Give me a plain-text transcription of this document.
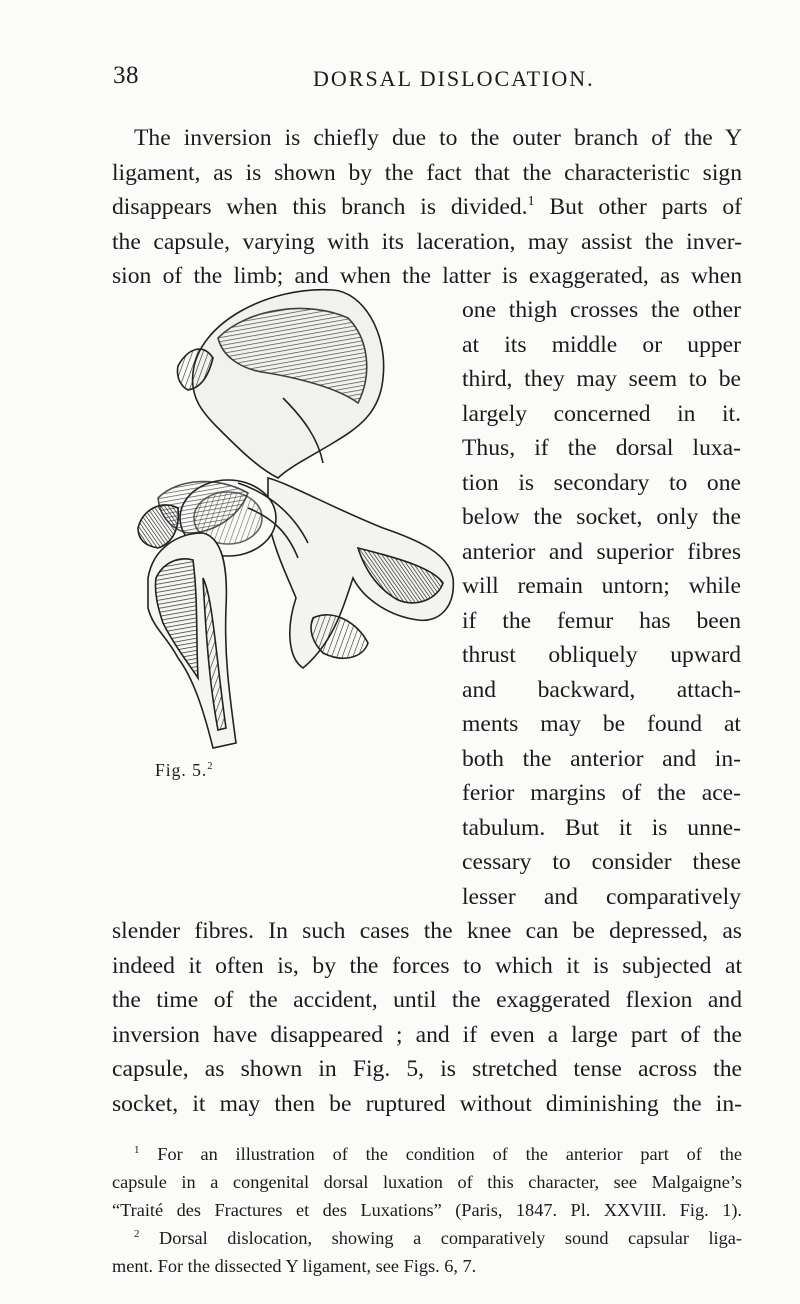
38	DORSAL DISLOCATION.
The inversion is chiefly due to the outer branch of the Y
ligament, as is shown by the fact that the characteristic sign
disappears when this branch is divided.$^1$ But other parts of
the capsule, varying with its laceration, may assist the inver-
sion of the limb; and when the latter is exaggerated, as when
one thigh crosses the other
at its middle or upper
third, they may seem to be
largely concerned in it.
Thus, if the dorsal luxa-
tion is secondary to one
below the socket, only the
anterior and superior fibres
will remain untorn; while
if the femur has been
thrust obliquely upward
and backward, attach-
ments may be found at
both the anterior and in-
ferior margins of the ace-
tabulum. But it is unne-
cessary to consider these
lesser and comparatively
Fig. 5.$^2$
slender fibres. In such cases the knee can be depressed, as
indeed it often is, by the forces to which it is subjected at
the time of the accident, until the exaggerated flexion and
inversion have disappeared ; and if even a large part of the
capsule, as shown in Fig. 5, is stretched tense across the
socket, it may then be ruptured without diminishing the in-
$^1$ For an illustration of the condition of the anterior part of the
capsule in a congenital dorsal luxation of this character, see Malgaigne’s
“Traité des Fractures et des Luxations” (Paris, 1847. Pl. XXVIII. Fig. 1).
$^2$ Dorsal dislocation, showing a comparatively sound capsular liga-
ment. For the dissected Y ligament, see Figs. 6, 7.
